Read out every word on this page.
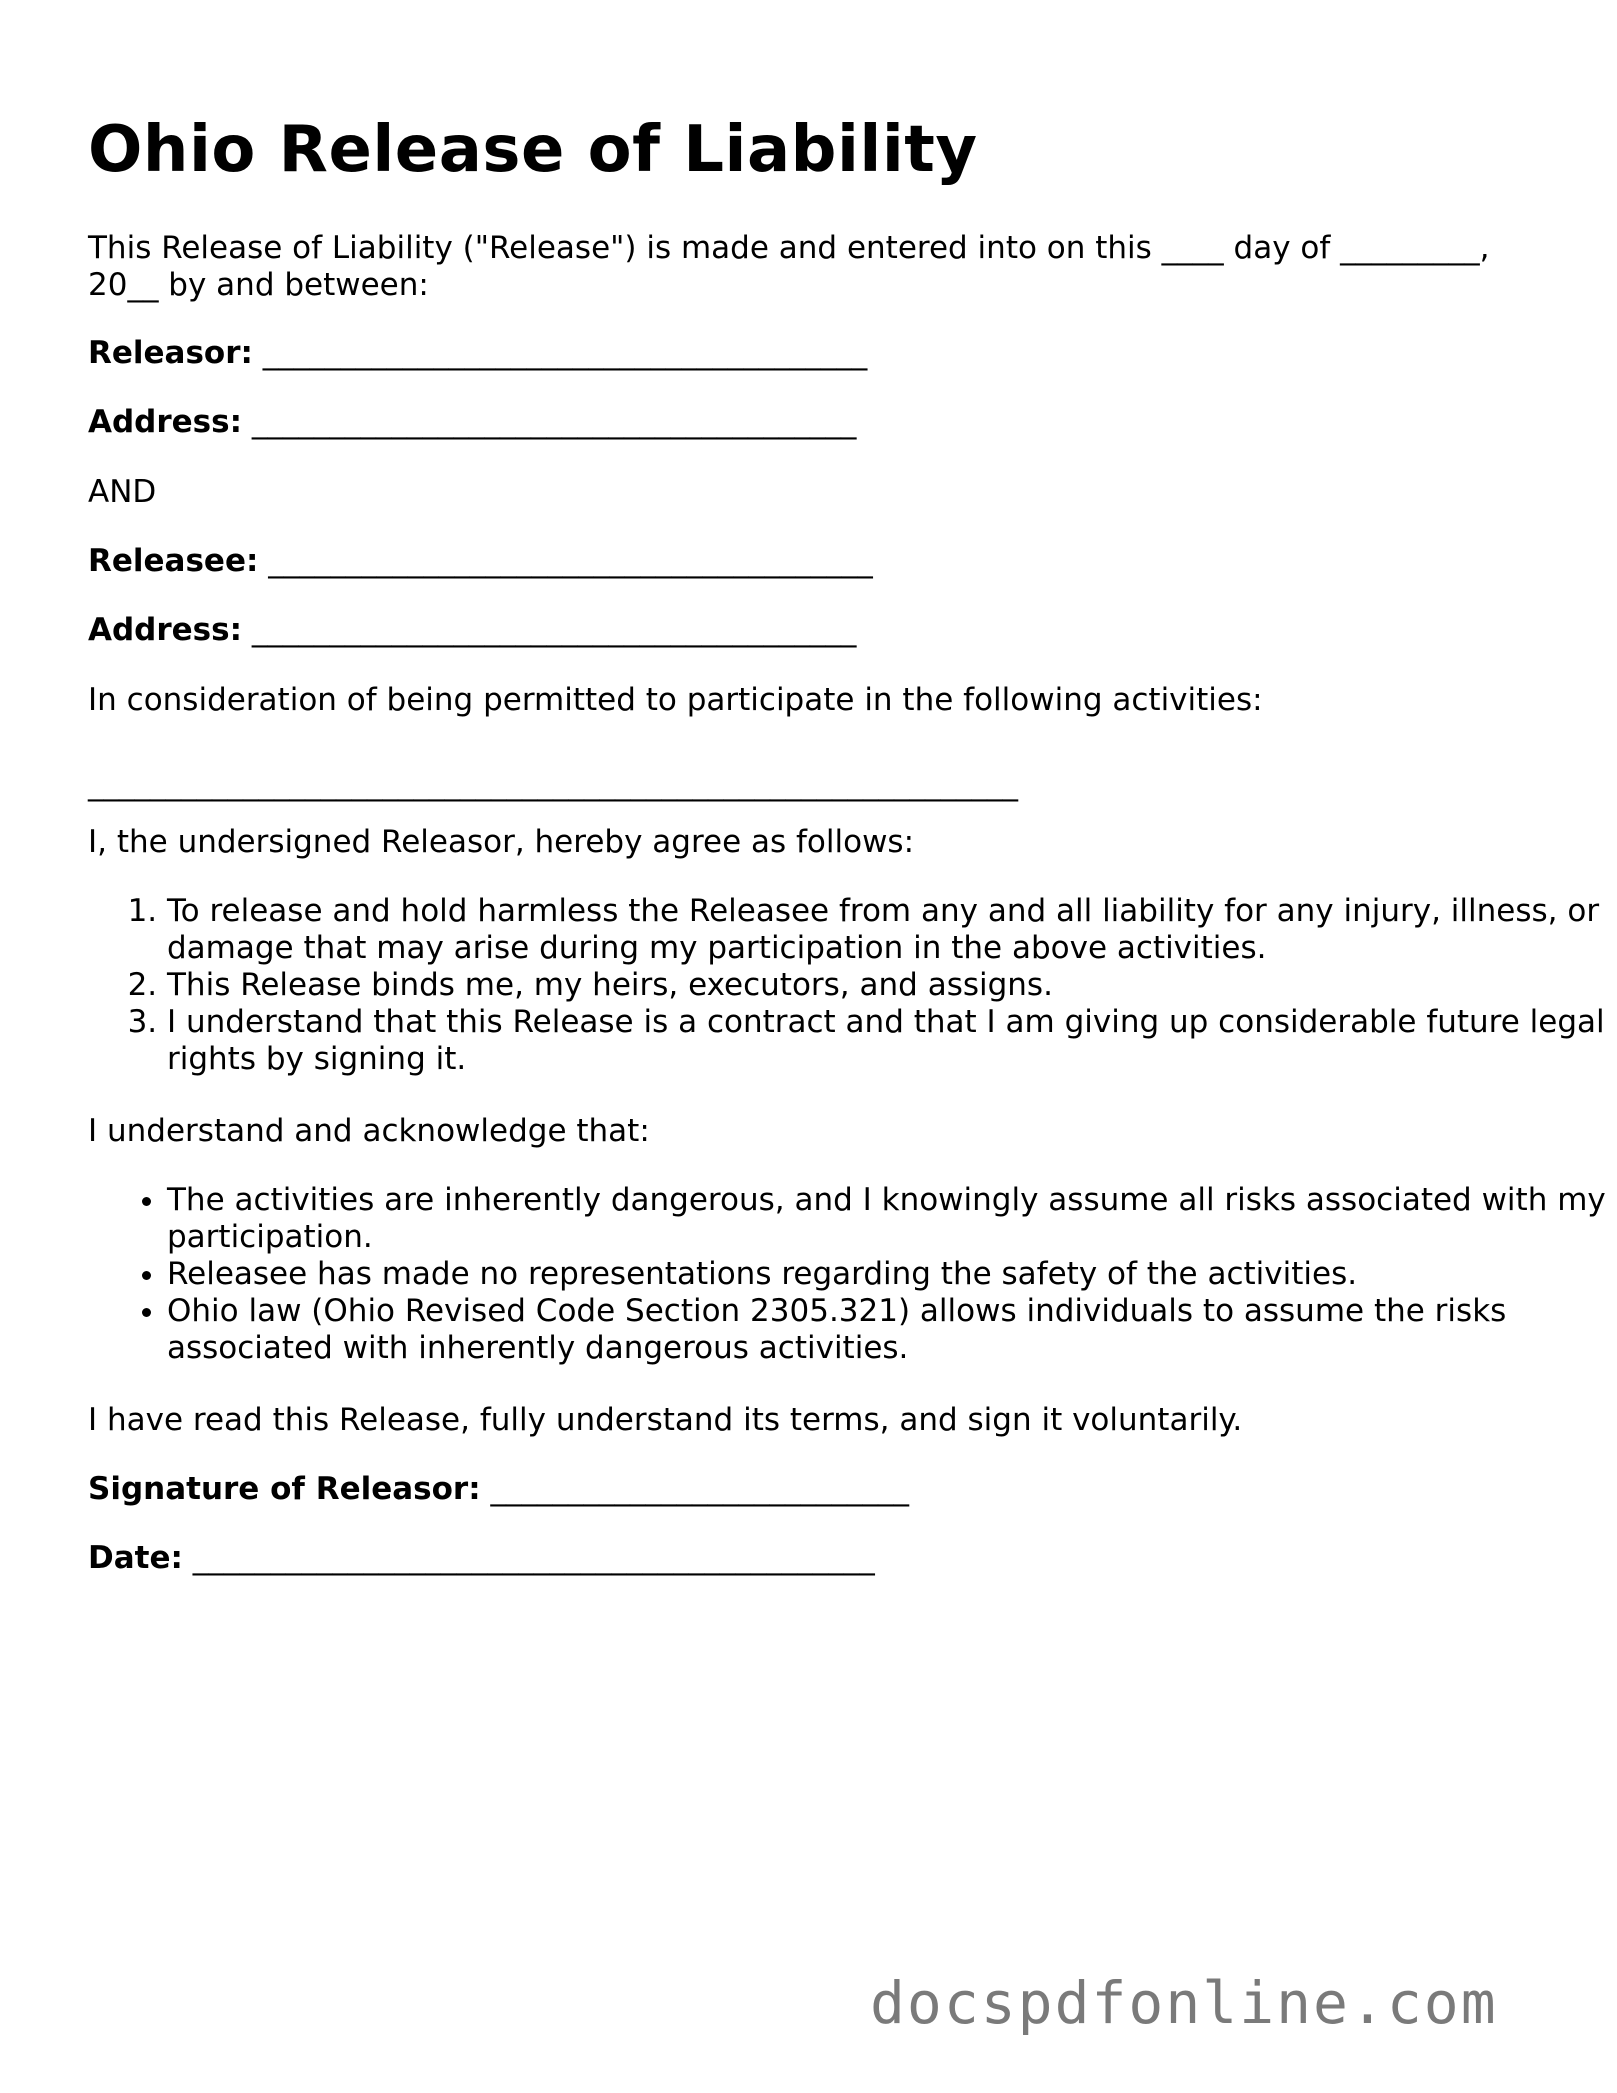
Ohio Release of Liability

This Release of Liability ("Release") is made and entered into on this ____ day of _________, 20__ by and between:

Releasor: _______________________________________
Address: _______________________________________
AND
Releasee: _______________________________________
Address: _______________________________________

In consideration of being permitted to participate in the following activities:

____________________________________________________________

I, the undersigned Releasor, hereby agree as follows:

1. To release and hold harmless the Releasee from any and all liability for any injury, illness, or damage that may arise during my participation in the above activities.
2. This Release binds me, my heirs, executors, and assigns.
3. I understand that this Release is a contract and that I am giving up considerable future legal rights by signing it.

I understand and acknowledge that:

• The activities are inherently dangerous, and I knowingly assume all risks associated with my participation.
• Releasee has made no representations regarding the safety of the activities.
• Ohio law (Ohio Revised Code Section 2305.321) allows individuals to assume the risks associated with inherently dangerous activities.

I have read this Release, fully understand its terms, and sign it voluntarily.

Signature of Releasor: ___________________________
Date: ____________________________________________
docspdfonline.com
